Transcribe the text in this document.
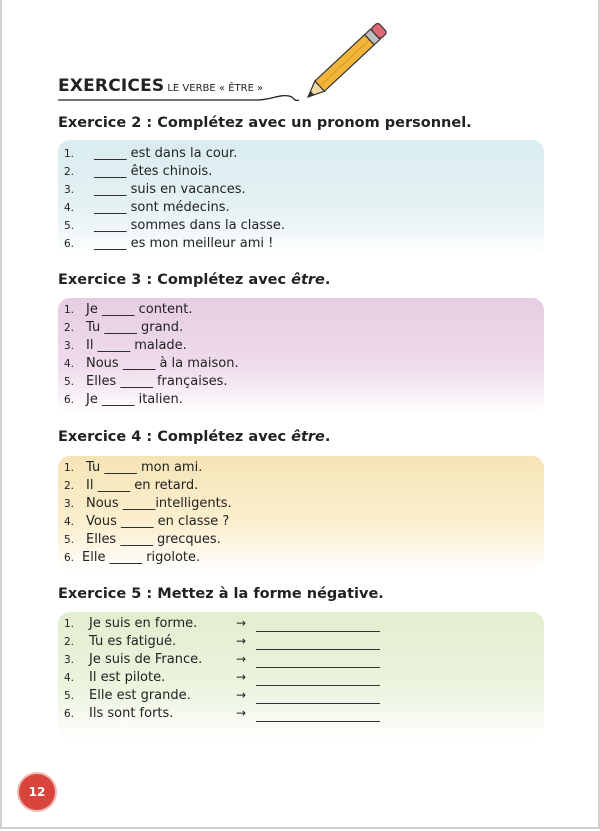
EXERCICES LE VERBE « ÊTRE »
Exercice 2 : Complétez avec un pronom personnel.
1. _____ est dans la cour.
2. _____ êtes chinois.
3. _____ suis en vacances.
4. _____ sont médecins.
5. _____ sommes dans la classe.
6. _____ es mon meilleur ami !
Exercice 3 : Complétez avec être.
1. Je _____ content.
2. Tu _____ grand.
3. Il _____ malade.
4. Nous _____ à la maison.
5. Elles _____ françaises.
6. Je _____ italien.
Exercice 4 : Complétez avec être.
1. Tu _____ mon ami.
2. Il _____ en retard.
3. Nous _____intelligents.
4. Vous _____ en classe ?
5. Elles _____ grecques.
6. Elle _____ rigolote.
Exercice 5 : Mettez à la forme négative.
1. Je suis en forme.
2. Tu es fatigué.
3. Je suis de France.
4. Il est pilote.
5. Elle est grande.
6. Ils sont forts.
→
→
→
→
→
→
12
